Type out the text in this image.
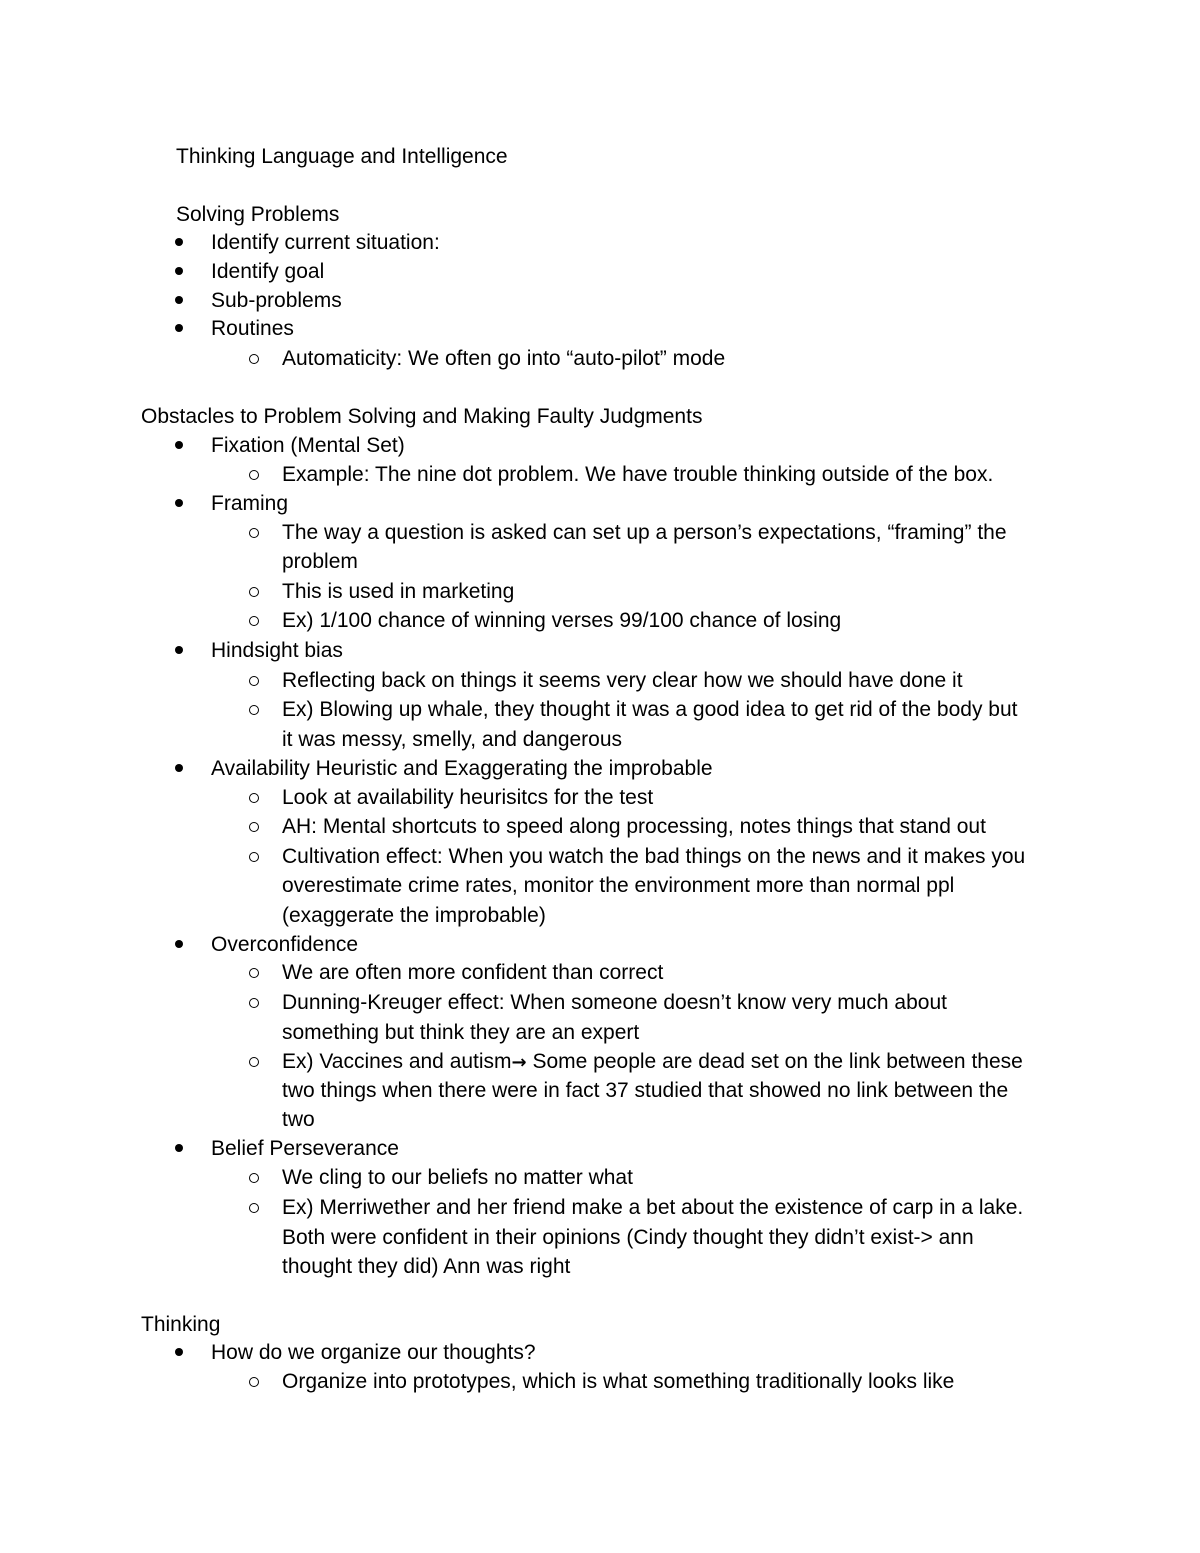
Thinking Language and Intelligence
Solving Problems
Identify current situation:
Identify goal
Sub-problems
Routines
Automaticity: We often go into “auto-pilot” mode
Obstacles to Problem Solving and Making Faulty Judgments
Fixation (Mental Set)
Example: The nine dot problem. We have trouble thinking outside of the box.
Framing
The way a question is asked can set up a person’s expectations, “framing” the
problem
This is used in marketing
Ex) 1/100 chance of winning verses 99/100 chance of losing
Hindsight bias
Reflecting back on things it seems very clear how we should have done it
Ex) Blowing up whale, they thought it was a good idea to get rid of the body but
it was messy, smelly, and dangerous
Availability Heuristic and Exaggerating the improbable
Look at availability heurisitcs for the test
AH: Mental shortcuts to speed along processing, notes things that stand out
Cultivation effect: When you watch the bad things on the news and it makes you
overestimate crime rates, monitor the environment more than normal ppl
(exaggerate the improbable)
Overconfidence
We are often more confident than correct
Dunning-Kreuger effect: When someone doesn’t know very much about
something but think they are an expert
Ex) Vaccines and autism→ Some people are dead set on the link between these
two things when there were in fact 37 studied that showed no link between the
two
Belief Perseverance
We cling to our beliefs no matter what
Ex) Merriwether and her friend make a bet about the existence of carp in a lake.
Both were confident in their opinions (Cindy thought they didn’t exist-> ann
thought they did) Ann was right
Thinking
How do we organize our thoughts?
Organize into prototypes, which is what something traditionally looks like
